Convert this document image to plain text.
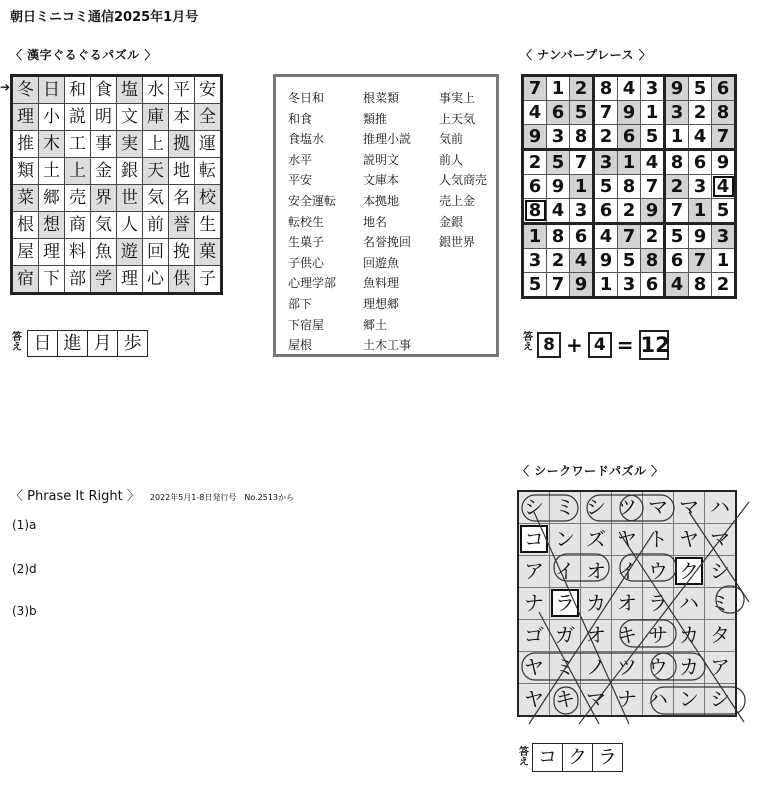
朝日ミニコミ通信2025年1月号
〈 漢字ぐるぐるパズル 〉
➔ 冬	日	和	食	塩	水	平	安
理	小	説	明	文	庫	本	全
推	木	工	事	実	上	拠	運
類	土	上	金	銀	天	地	転
菜	郷	売	界	世	気	名	校
根	想	商	気	人	前	誉	生
屋	理	料	魚	遊	回	挽	菓
宿	下	部	学	理	心	供	子
答え 日 進 月 歩
冬日和
和食
食塩水
水平
平安
安全運転
転校生
生菓子
子供心
心理学部
部下
下宿屋
屋根
根菜類
類推
推理小説
説明文
文庫本
本拠地
地名
名誉挽回
回遊魚
魚料理
理想郷
郷土
土木工事
事実上
上天気
気前
前人
人気商売
売上金
金銀
銀世界
〈 ナンバープレース 〉
7	1	2	8	4	3	9	5	6
4	6	5	7	9	1	3	2	8
9	3	8	2	6	5	1	4	7
2	5	7	3	1	4	8	6	9
6	9	1	5	8	7	2	3	4
8	4	3	6	2	9	7	1	5
1	8	6	4	7	2	5	9	3
3	2	4	9	5	8	6	7	1
5	7	9	1	3	6	4	8	2
答え 8 + 4 = 12
〈 Phrase It Right 〉 2022年5月1-8日発行号　No.2513から
(1)a
(2)d
(3)b
〈 シークワードパズル 〉
シ	ミ	シ	ツ	マ	マ	ハ
コ	ン	ズ	ヤ	ト	ヤ	マ
ア	イ	オ	イ	ウ	ク	シ
ナ	ラ	カ	オ	ラ	ハ	ミ
ゴ	ガ	オ	キ	サ	カ	タ
ヤ	ミ	ノ	ツ	ウ	カ	ア
ヤ	キ	マ	ナ	ハ	ン	シ
答え コ ク ラ
